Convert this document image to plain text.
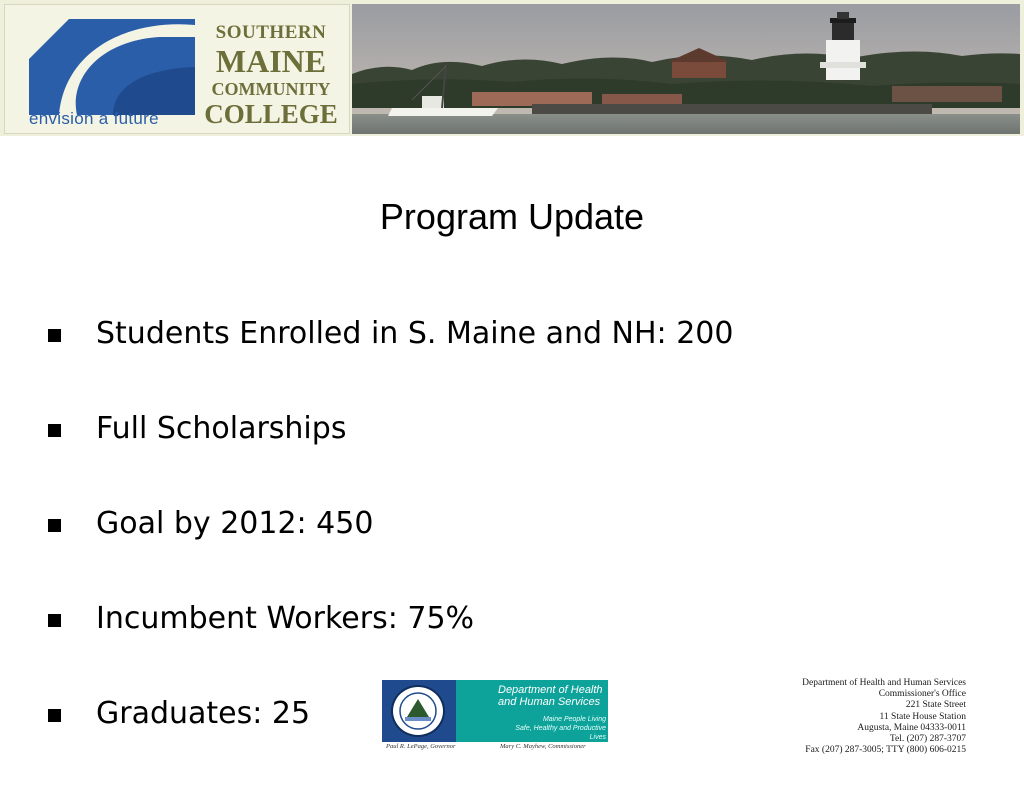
SOUTHERN
MAINE
COMMUNITY
COLLEGE
envision a future
Program Update
Students Enrolled in S. Maine and NH: 200
Full Scholarships
Goal by 2012: 450
Incumbent Workers: 75%
Graduates: 25
Department of Health
and Human Services
Maine People Living
Safe, Healthy and Productive Lives
Paul R. LePage, Governor	Mary C. Mayhew, Commissioner
Department of Health and Human Services
Commissioner's Office
221 State Street
11 State House Station
Augusta, Maine 04333-0011
Tel. (207) 287-3707
Fax (207) 287-3005; TTY (800) 606-0215
